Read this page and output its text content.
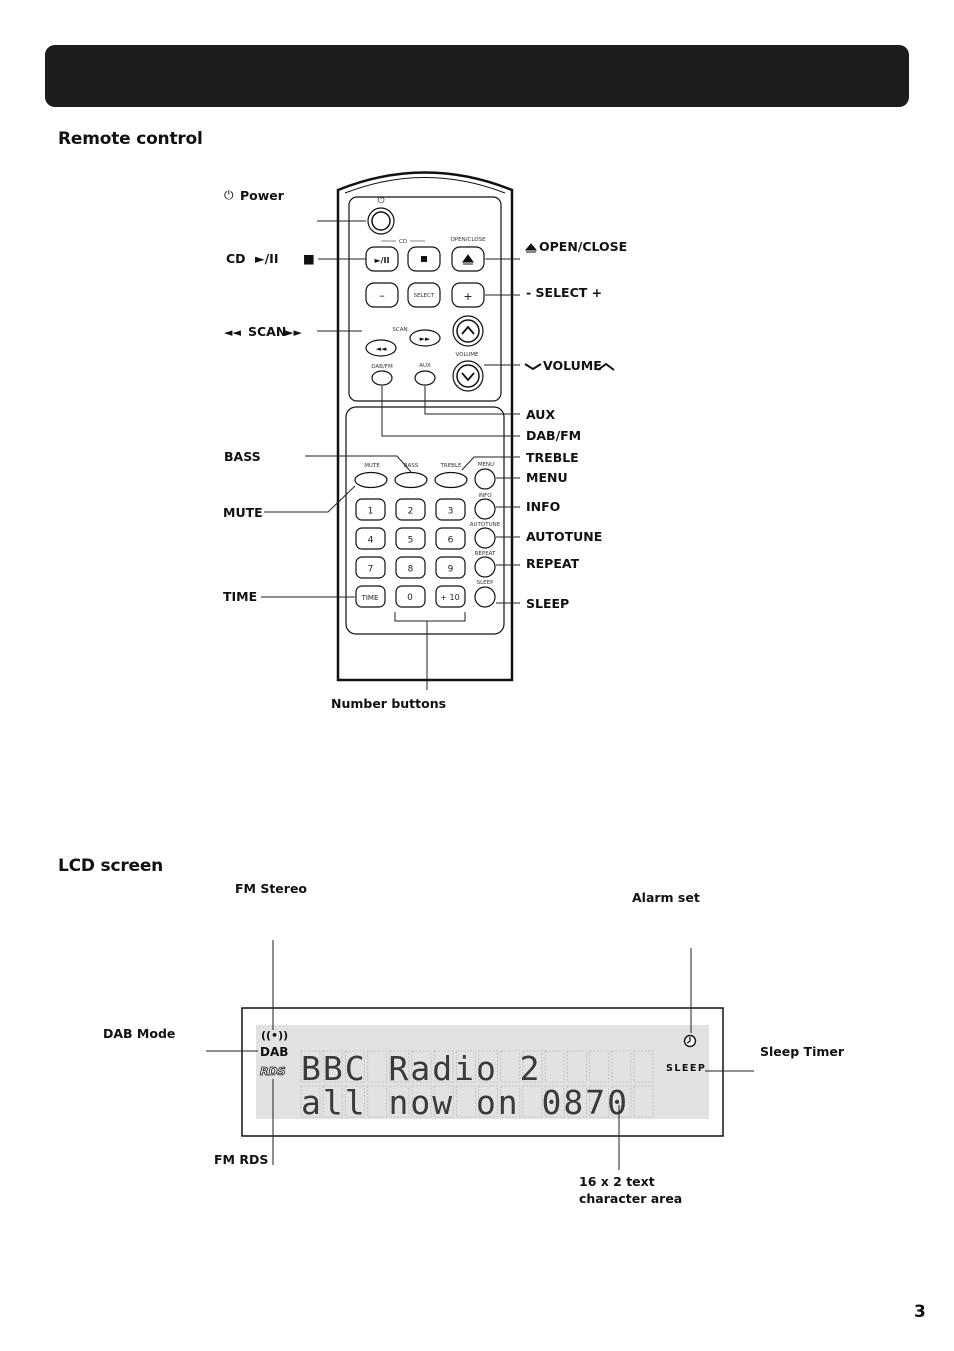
Remote control
LCD screen
3
⏻
CD	OPEN/CLOSE
►/II
–	SELECT	+
SCAN
►►
◄◄
VOLUME
DAB/FM	AUX
MUTE	BASS	TREBLE	MENU
INFO
AUTOTUNE
REPEAT
SLEEP
1	2	3
4	5	6
7	8	9
TIME	0	+ 10
⏻ Power
CD ►/II ■
◄◄ SCAN
►►
BASS
MUTE
TIME
OPEN/CLOSE
- SELECT +
VOLUME
AUX
DAB/FM
TREBLE
MENU
INFO
AUTOTUNE
REPEAT
SLEEP
Number buttons
((•))
DAB
RDS	SLEEP
BBC Radio 2
all now on 0870
FM Stereo
Alarm set
DAB Mode
Sleep Timer
FM RDS
16 x 2 text
character area
